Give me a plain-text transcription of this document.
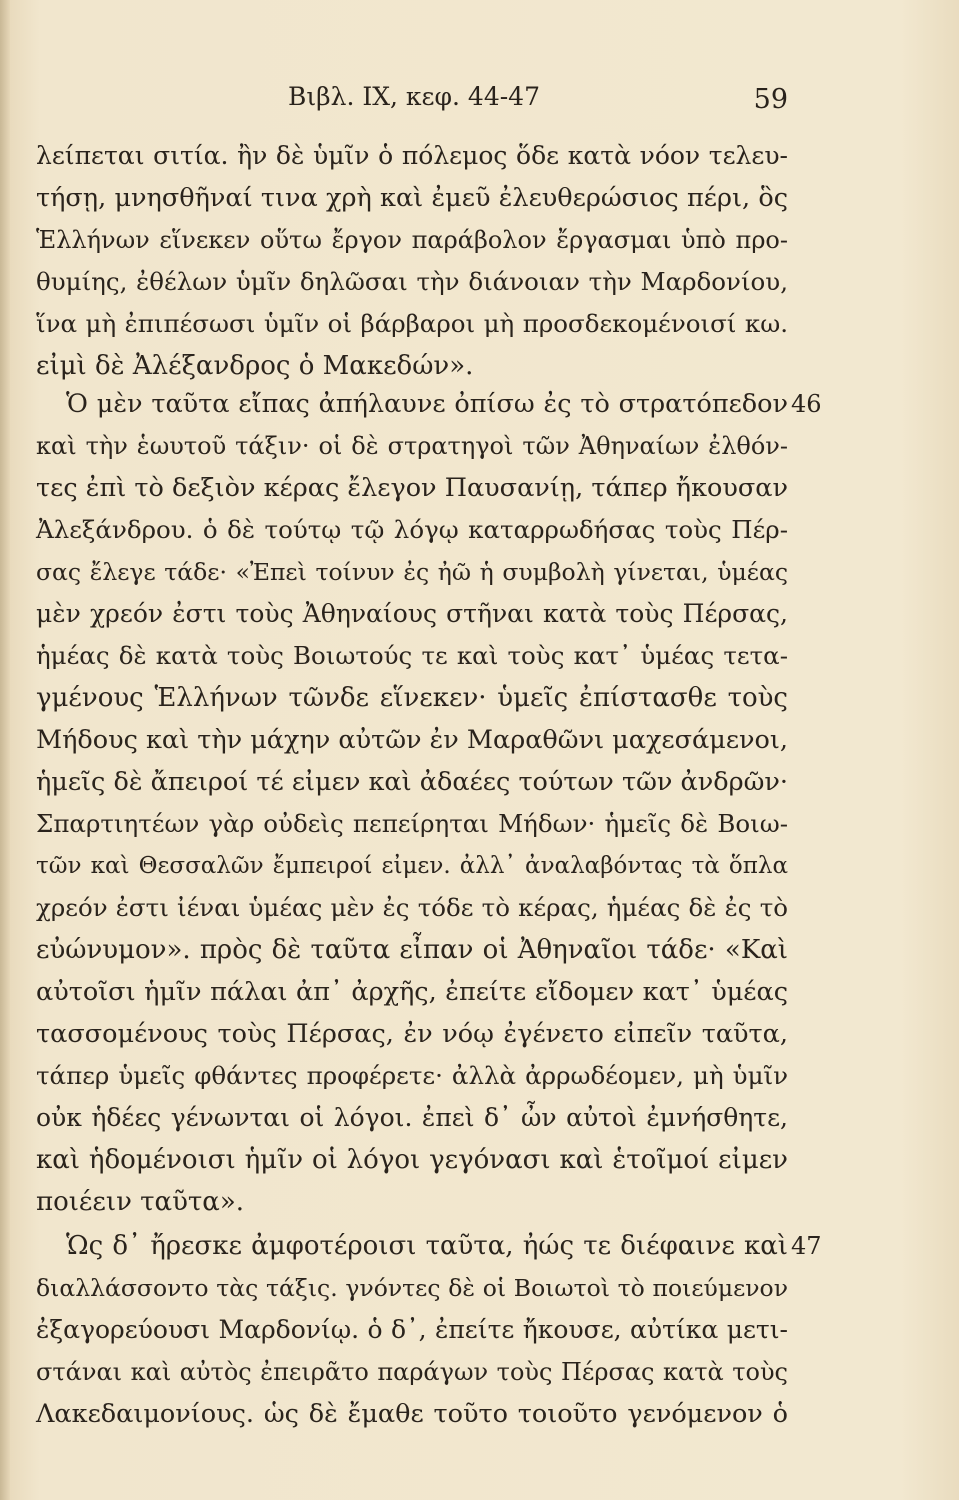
Βιβλ. IX, κεφ. 44-47	59
λείπεται σιτία. ἢν δὲ ὑμῖν ὁ πόλεμος ὅδε κατὰ νόον τελευ-
τήσῃ, μνησθῆναί τινα χρὴ καὶ ἐμεῦ ἐλευθερώσιος πέρι, ὃς
Ἑλλήνων εἵνεκεν οὕτω ἔργον παράβολον ἔργασμαι ὑπὸ προ-
θυμίης, ἐθέλων ὑμῖν δηλῶσαι τὴν διάνοιαν τὴν Μαρδονίου,
ἵνα μὴ ἐπιπέσωσι ὑμῖν οἱ βάρβαροι μὴ προσδεκομένοισί κω.
εἰμὶ δὲ Ἀλέξανδρος ὁ Μακεδών».
Ὁ μὲν ταῦτα εἴπας ἀπήλαυνε ὀπίσω ἐς τὸ στρατόπεδον
καὶ τὴν ἑωυτοῦ τάξιν· οἱ δὲ στρατηγοὶ τῶν Ἀθηναίων ἐλθόν-
τες ἐπὶ τὸ δεξιὸν κέρας ἔλεγον Παυσανίῃ, τάπερ ἤκουσαν
Ἀλεξάνδρου. ὁ δὲ τούτῳ τῷ λόγῳ καταρρωδήσας τοὺς Πέρ-
σας ἔλεγε τάδε· «Ἐπεὶ τοίνυν ἐς ἠῶ ἡ συμβολὴ γίνεται, ὑμέας
μὲν χρεόν ἐστι τοὺς Ἀθηναίους στῆναι κατὰ τοὺς Πέρσας,
ἡμέας δὲ κατὰ τοὺς Βοιωτούς τε καὶ τοὺς κατ᾽ ὑμέας τετα-
γμένους Ἑλλήνων τῶνδε εἵνεκεν· ὑμεῖς ἐπίστασθε τοὺς
Μήδους καὶ τὴν μάχην αὐτῶν ἐν Μαραθῶνι μαχεσάμενοι,
ἡμεῖς δὲ ἄπειροί τέ εἰμεν καὶ ἀδαέες τούτων τῶν ἀνδρῶν·
Σπαρτιητέων γὰρ οὐδεὶς πεπείρηται Μήδων· ἡμεῖς δὲ Βοιω-
τῶν καὶ Θεσσαλῶν ἔμπειροί εἰμεν. ἀλλ᾽ ἀναλαβόντας τὰ ὅπλα
χρεόν ἐστι ἰέναι ὑμέας μὲν ἐς τόδε τὸ κέρας, ἡμέας δὲ ἐς τὸ
εὐώνυμον». πρὸς δὲ ταῦτα εἶπαν οἱ Ἀθηναῖοι τάδε· «Καὶ
αὐτοῖσι ἡμῖν πάλαι ἀπ᾽ ἀρχῆς, ἐπείτε εἴδομεν κατ᾽ ὑμέας
τασσομένους τοὺς Πέρσας, ἐν νόῳ ἐγένετο εἰπεῖν ταῦτα,
τάπερ ὑμεῖς φθάντες προφέρετε· ἀλλὰ ἀρρωδέομεν, μὴ ὑμῖν
οὐκ ἡδέες γένωνται οἱ λόγοι. ἐπεὶ δ᾽ ὦν αὐτοὶ ἐμνήσθητε,
καὶ ἡδομένοισι ἡμῖν οἱ λόγοι γεγόνασι καὶ ἑτοῖμοί εἰμεν
ποιέειν ταῦτα».
Ὡς δ᾽ ἤρεσκε ἀμφοτέροισι ταῦτα, ἠώς τε διέφαινε καὶ
διαλλάσσοντο τὰς τάξις. γνόντες δὲ οἱ Βοιωτοὶ τὸ ποιεύμενον
ἐξαγορεύουσι Μαρδονίῳ. ὁ δ᾽, ἐπείτε ἤκουσε, αὐτίκα μετι-
στάναι καὶ αὐτὸς ἐπειρᾶτο παράγων τοὺς Πέρσας κατὰ τοὺς
Λακεδαιμονίους. ὡς δὲ ἔμαθε τοῦτο τοιοῦτο γενόμενον ὁ
46
47
